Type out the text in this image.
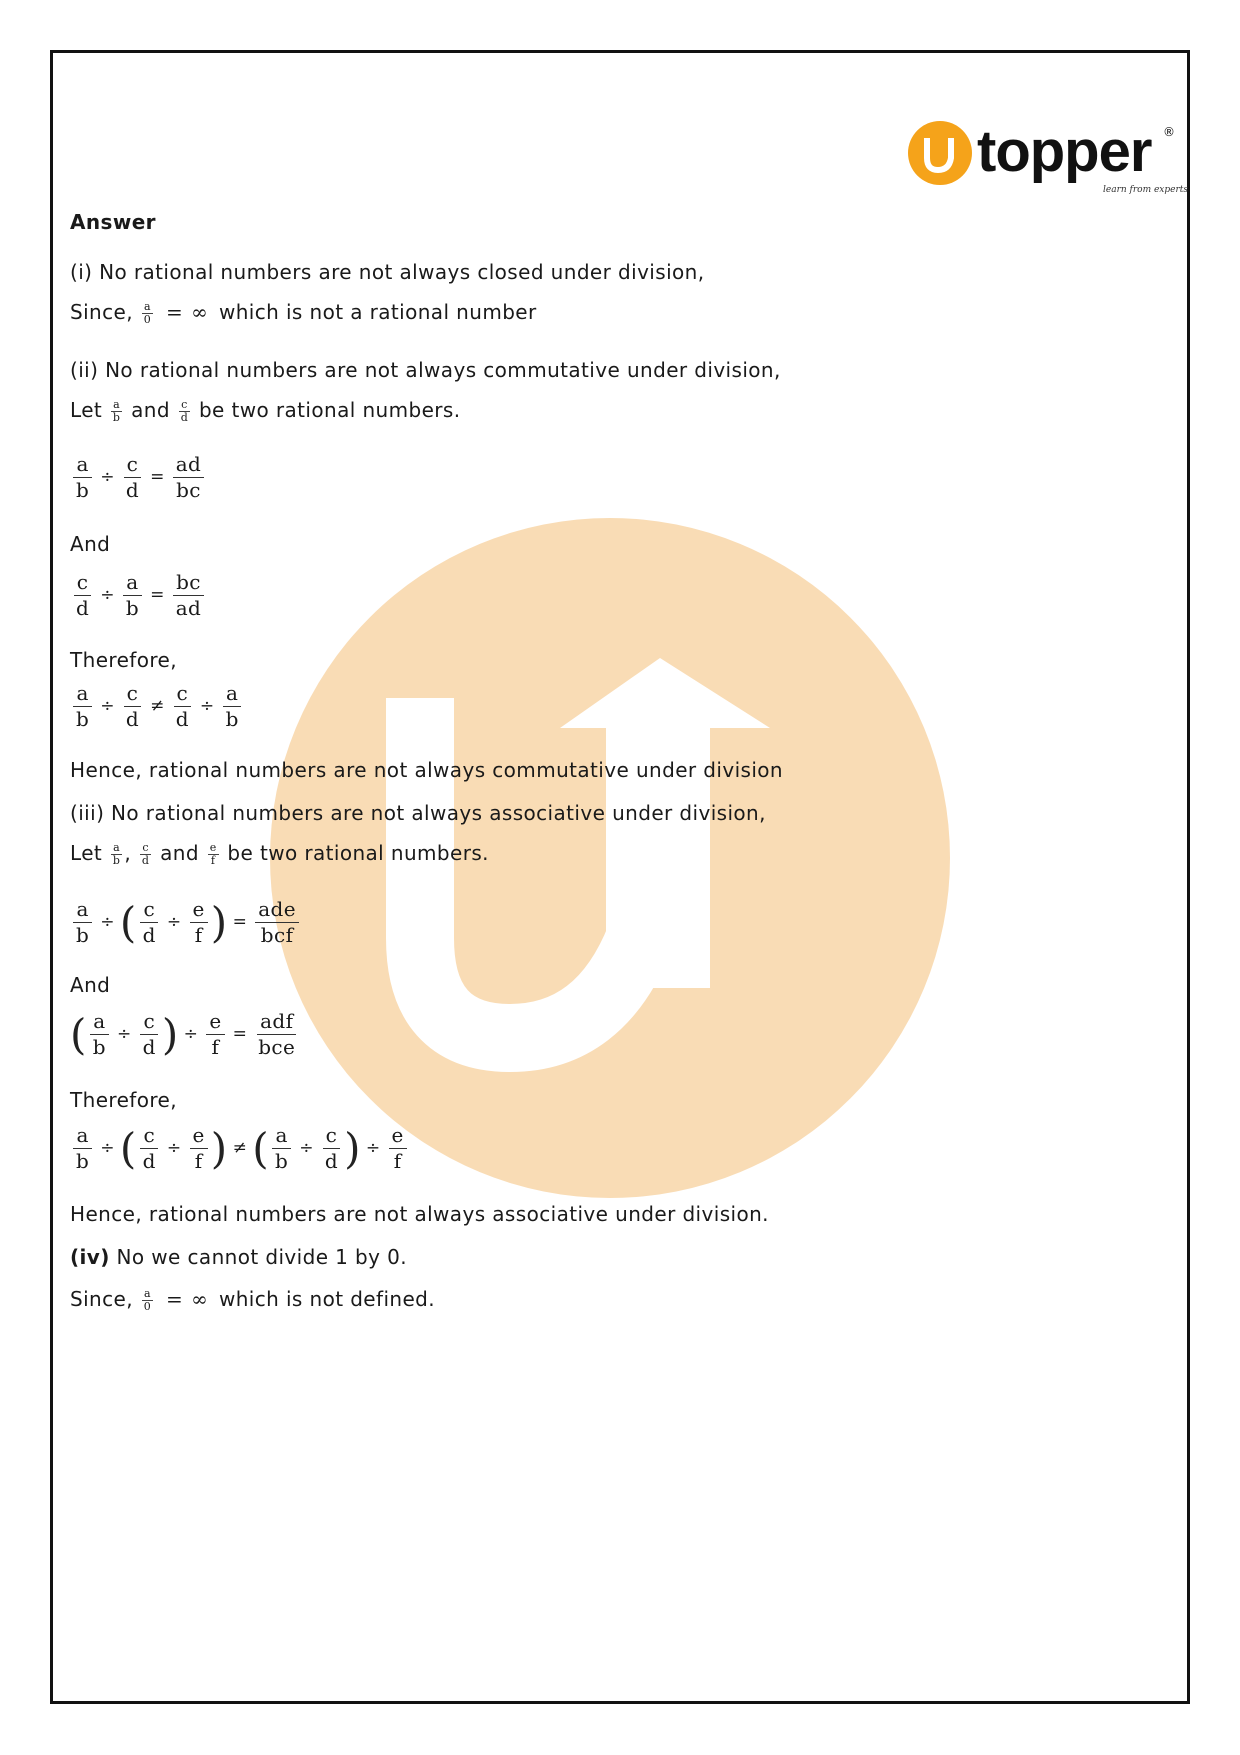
topper
learn from experts
®
Answer
(i) No rational numbers are not always closed under division,
Since, $\frac{a}{0}$ = ∞ which is not a rational number
(ii) No rational numbers are not always commutative under division,
Let $\frac{a}{b}$ and $\frac{c}{d}$ be two rational numbers.
$\frac{a}{b} \div \frac{c}{d} = \frac{ad}{bc}$
And
$\frac{c}{d} \div \frac{a}{b} = \frac{bc}{ad}$
Therefore,
$\frac{a}{b} \div \frac{c}{d} \ne \frac{c}{d} \div \frac{a}{b}$
Hence, rational numbers are not always commutative under division
(iii) No rational numbers are not always associative under division,
Let $\frac{a}{b}$ , $\frac{c}{d}$ and $\frac{e}{f}$ be two rational numbers.
$\frac{a}{b}$ ÷ ( $\frac{c}{d} \div \frac{e}{f}$ ) =
ade
bcf
And
( $\frac{a}{b} \div \frac{c}{d}$ ) ÷ $\frac{e}{f}$ =
adf
bce
Therefore,
$\frac{a}{b}$ ÷ ( $\frac{c}{d} \div \frac{e}{f}$ ) ≠ ( $\frac{a}{b} \div \frac{c}{d}$ ) ÷ $\frac{e}{f}$
Hence, rational numbers are not always associative under division.
(iv) No we cannot divide 1 by 0.
Since, $\frac{a}{0}$ = ∞ which is not defined.
